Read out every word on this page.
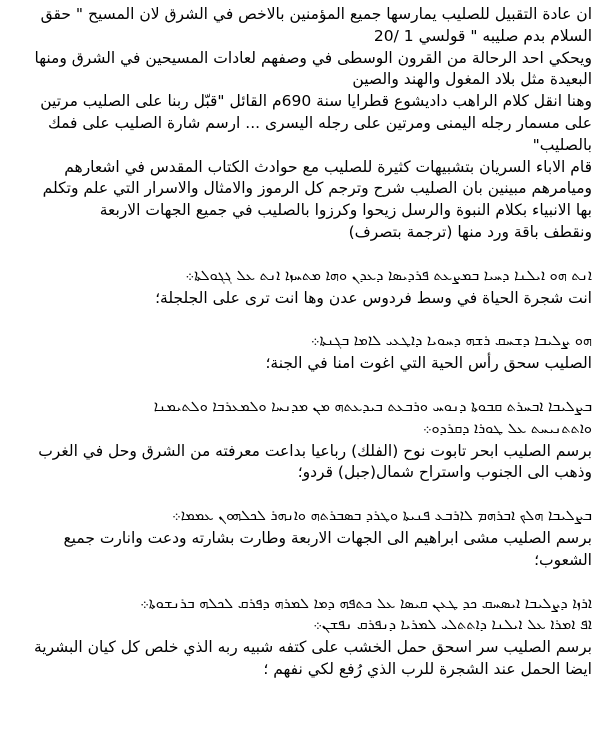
ان عادة التقبيل للصليب يمارسها جميع المؤمنين بالاخص في الشرق لان المسيح " حقق

السلام بدم صليبه " قولسي 1 /20

ويحكي احد الرحالة من القرون الوسطى في وصفهم لعادات المسيحين في الشرق ومنها

البعيدة مثل بلاد المغول والهند والصين

وهنا انقل كلام الراهب داديشوع قطرايا سنة 690م القائل "قبّل ربنا على الصليب مرتين

على مسمار رجله اليمنى ومرتين على رجله اليسرى ... ارسم شارة الصليب على فمك

بالصليب"

قام الاباء السريان بتشبيهات كثيرة للصليب مع حوادث الكتاب المقدس في اشعارهم

وميامرهم مبينين بان الصليب شرح وترجم كل الرموز والامثال والاسرار التي علم وتكلم

بها الانبياء بكلام النبوة والرسل زيحوا وكرزوا بالصليب في جميع الجهات الاربعة

ونقطف باقة ورد منها (ترجمة بتصرف)

ܐܢܬ ܗܘ ܐܝܠܢܐ ܕܚܝܐ ܒܡܨܥܬ ܦܪܕܝܣܐ ܕܥܕܢ ܘܗܐ ܡܬܚܙܐ ܐܢܬ ܥܠ ܓܓܘܠܬܐ܀

انت شجرة الحياة في وسط فردوس عدن وها انت ترى على الجلجلة؛

ܗܘ ܨܠܝܒܐ ܕܫܚܩ ܪܫܗ ܕܚܘܝܐ ܕܐܛܥܝ ܠܐܡܐ ܒܓܢܬܐ܀

الصليب سحق رأس الحية التي اغوت امنا في الجنة؛

ܒܨܠܝܒܐ ܐܒܚܪܬ ܩܒܘܬܐ ܕܢܘܚ ܘܪܒܥܬ ܒܝܕܥܬܗ ܡܢ ܡܕܢܚܐ ܘܠܡܥܪܒܐ ܘܠܬܝܡܢܐ

ܘܐܬܬܢܝܚܬ ܥܠ ܛܘܪܐ ܕܩܪܕܘ܀

برسم الصليب ابحر تابوت نوح (الفلك) رباعيا بداعت معرفته من الشرق وحل في الغرب

وذهب الى الجنوب واستراح شمال(جبل) قردو؛

ܒܨܠܝܒܐ ܗܠܟ ܐܒܪܗܡ ܠܐܪܒܥ ܦܢܝܬܐ ܘܛܪܕ ܒܣܒܪܬܗ ܘܐܢܗܪ ܠܟܠܗܘܢ ܥܡܡܐ܀

برسم الصليب مشى ابراهيم الى الجهات الاربعة وطارت بشارته ودعت وانارت جميع

الشعوب؛

ܐܪܙܐ ܕܨܠܝܒܐ ܐܝܣܚܩ ܟܕ ܛܥܢ ܩܝܣܐ ܥܠ ܟܬܦܗ ܕܡܐ ܠܡܪܗ ܕܦܪܩ ܠܟܠܗ ܒܪܢܫܘܬܐ܀

ܐܦ ܐܡܪܐ ܥܠ ܐܝܠܢܐ ܕܐܬܬܠܝ ܠܡܪܝܐ ܕܢܦܪܩ ܢܦܫܢ܀

برسم الصليب سر اسحق حمل الخشب على كتفه شبيه ربه الذي خلص كل كيان البشرية

ايضا الحمل عند الشجرة للرب الذي رُفع لكي نفهم ؛
